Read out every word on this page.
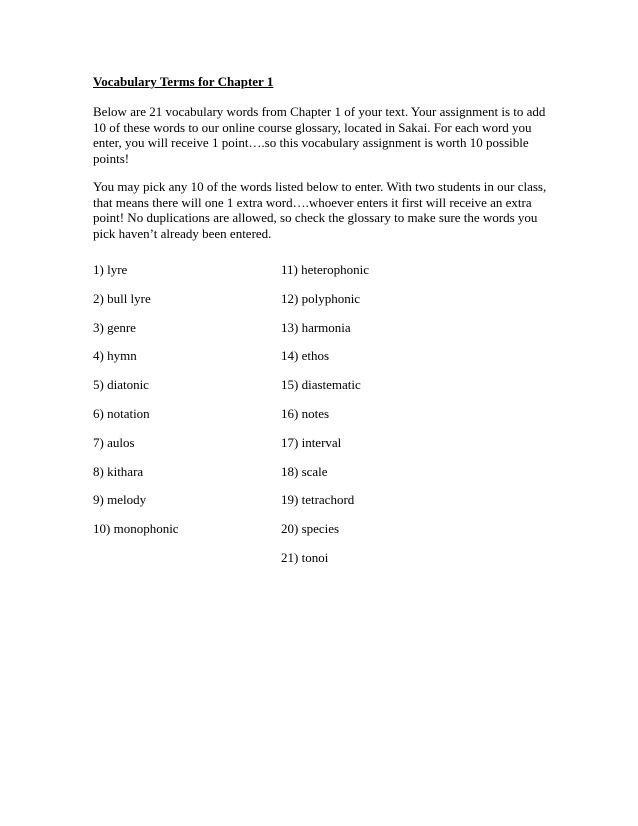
Vocabulary Terms for Chapter 1
Below are 21 vocabulary words from Chapter 1 of your text. Your assignment is to add
10 of these words to our online course glossary, located in Sakai. For each word you
enter, you will receive 1 point….so this vocabulary assignment is worth 10 possible
points!
You may pick any 10 of the words listed below to enter. With two students in our class,
that means there will one 1 extra word….whoever enters it first will receive an extra
point! No duplications are allowed, so check the glossary to make sure the words you
pick haven’t already been entered.
1) lyre
2) bull lyre
3) genre
4) hymn
5) diatonic
6) notation
7) aulos
8) kithara
9) melody
10) monophonic
11) heterophonic
12) polyphonic
13) harmonia
14) ethos
15) diastematic
16) notes
17) interval
18) scale
19) tetrachord
20) species
21) tonoi
